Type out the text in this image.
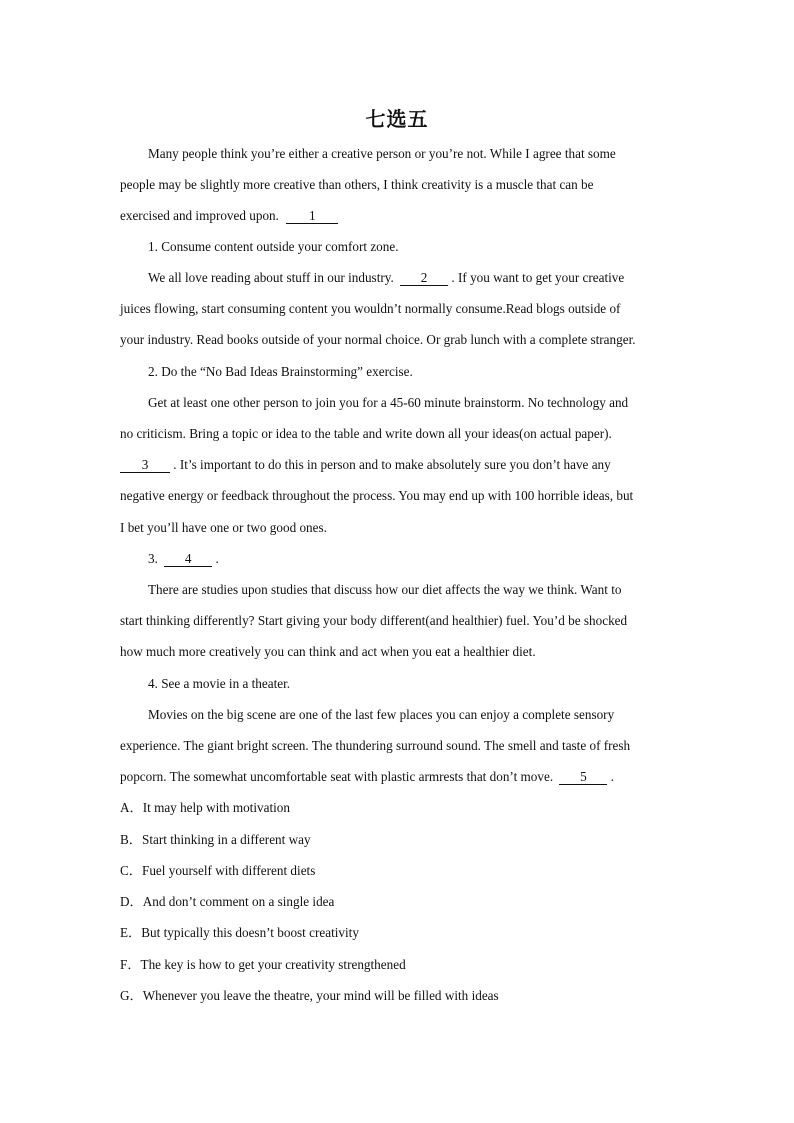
七选五
Many people think you’re either a creative person or you’re not. While I agree that some
people may be slightly more creative than others, I think creativity is a muscle that can be
exercised and improved upon. 1
1. Consume content outside your comfort zone.
We all love reading about stuff in our industry. 2 . If you want to get your creative
juices flowing, start consuming content you wouldn’t normally consume.Read blogs outside of
your industry. Read books outside of your normal choice. Or grab lunch with a complete stranger.
2. Do the “No Bad Ideas Brainstorming” exercise.
Get at least one other person to join you for a 45-60 minute brainstorm. No technology and
no criticism. Bring a topic or idea to the table and write down all your ideas(on actual paper).
3 . It’s important to do this in person and to make absolutely sure you don’t have any
negative energy or feedback throughout the process. You may end up with 100 horrible ideas, but
I bet you’ll have one or two good ones.
3. 4 .
There are studies upon studies that discuss how our diet affects the way we think. Want to
start thinking differently? Start giving your body different(and healthier) fuel. You’d be shocked
how much more creatively you can think and act when you eat a healthier diet.
4. See a movie in a theater.
Movies on the big scene are one of the last few places you can enjoy a complete sensory
experience. The giant bright screen. The thundering surround sound. The smell and taste of fresh
popcorn. The somewhat uncomfortable seat with plastic armrests that don’t move. 5 .
A．It may help with motivation
B．Start thinking in a different way
C．Fuel yourself with different diets
D．And don’t comment on a single idea
E．But typically this doesn’t boost creativity
F．The key is how to get your creativity strengthened
G．Whenever you leave the theatre, your mind will be filled with ideas
